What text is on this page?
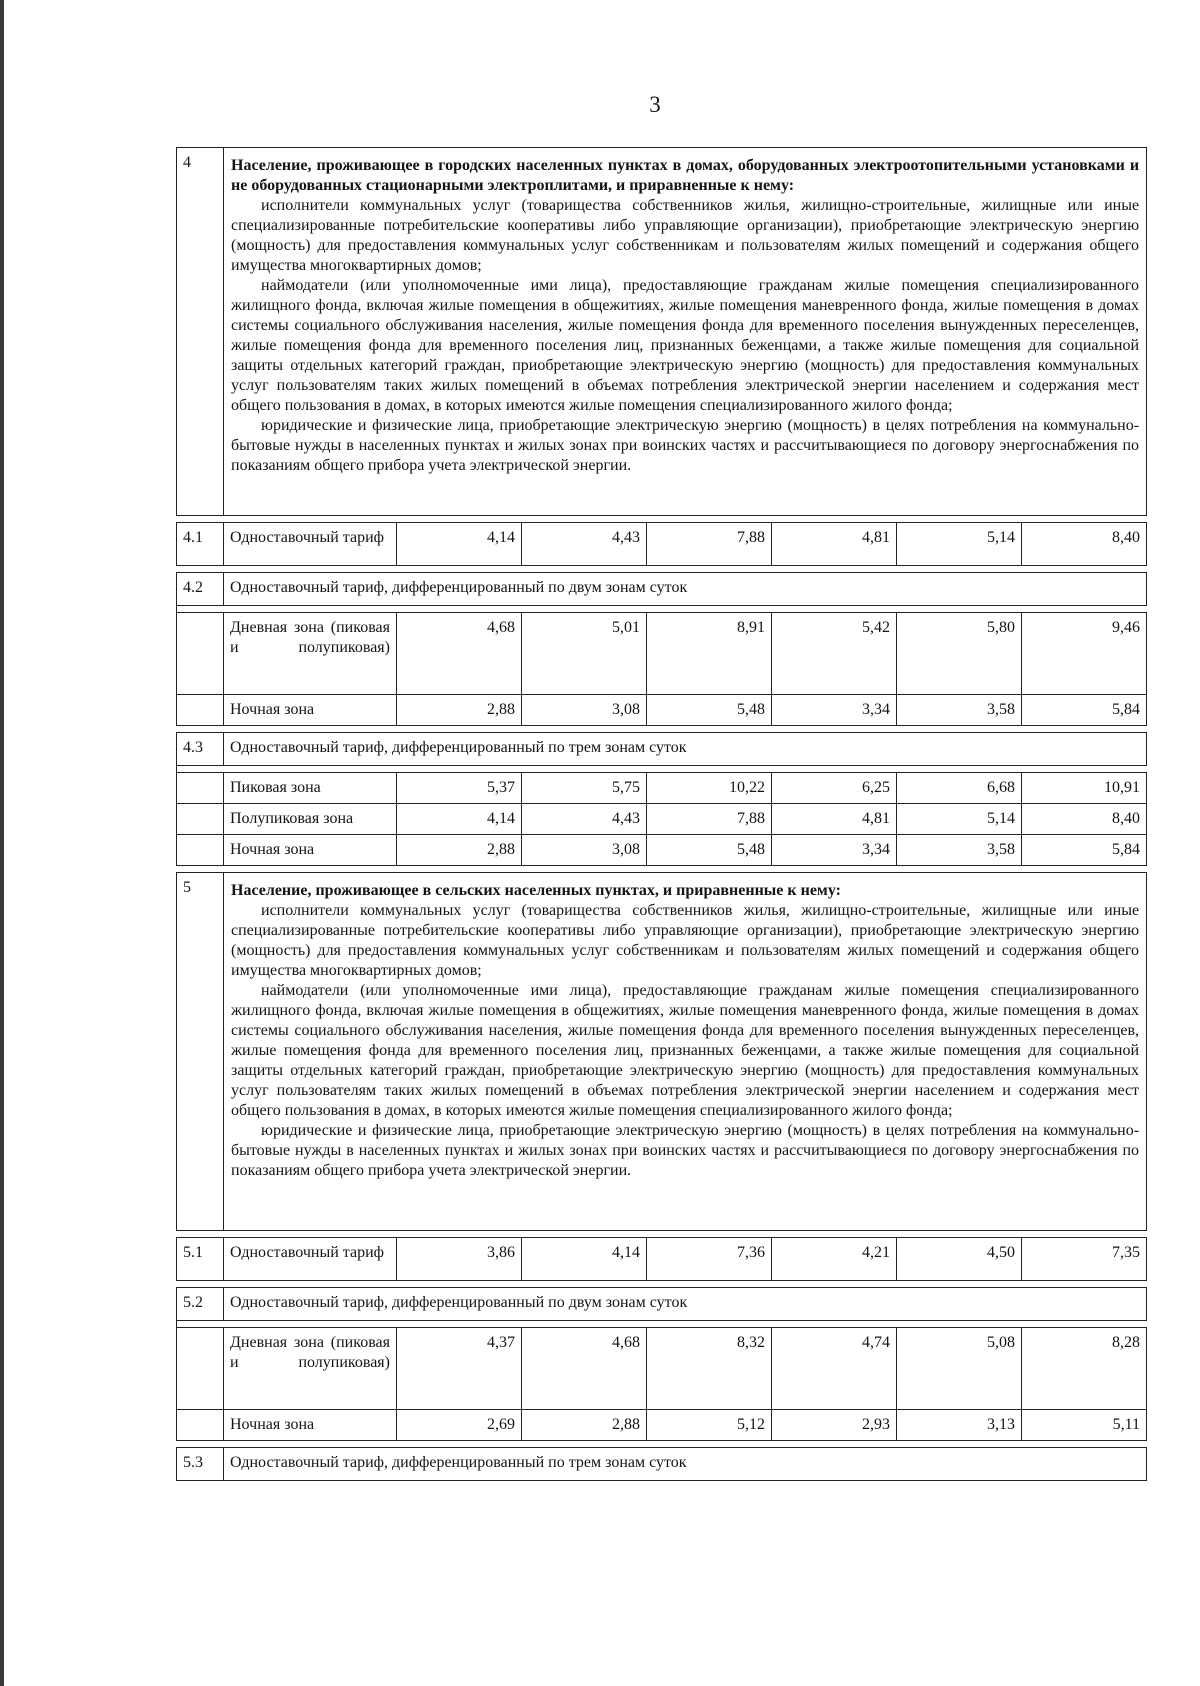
3
4	Население, проживающее в городских населенных пунктах в домах, оборудованных электроотопительными установками и не оборудованных стационарными электроплитами, и приравненные к нему:

исполнители коммунальных услуг (товарищества собственников жилья, жилищно-строительные, жилищные или иные специализированные потребительские кооперативы либо управляющие организации), приобретающие электрическую энергию (мощность) для предоставления коммунальных услуг собственникам и пользователям жилых помещений и содержания общего имущества многоквартирных домов;

наймодатели (или уполномоченные ими лица), предоставляющие гражданам жилые помещения специализированного жилищного фонда, включая жилые помещения в общежитиях, жилые помещения маневренного фонда, жилые помещения в домах системы социального обслуживания населения, жилые помещения фонда для временного поселения вынужденных переселенцев, жилые помещения фонда для временного поселения лиц, признанных беженцами, а также жилые помещения для социальной защиты отдельных категорий граждан, приобретающие электрическую энергию (мощность) для предоставления коммунальных услуг пользователям таких жилых помещений в объемах потребления электрической энергии населением и содержания мест общего пользования в домах, в которых имеются жилые помещения специализированного жилого фонда;

юридические и физические лица, приобретающие электрическую энергию (мощность) в целях потребления на коммунально-бытовые нужды в населенных пунктах и жилых зонах при воинских частях и рассчитывающиеся по договору энергоснабжения по показаниям общего прибора учета электрической энергии.						

4.1	Одноставочный тариф	4,14	4,43	7,88	4,81	5,14	8,40

4.2	Одноставочный тариф, дифференцированный по двум зонам суток						

	Дневная зона (пиковая и полупиковая)	4,68	5,01	8,91	5,42	5,80	9,46
	Ночная зона	2,88	3,08	5,48	3,34	3,58	5,84

4.3	Одноставочный тариф, дифференцированный по трем зонам суток						

	Пиковая зона	5,37	5,75	10,22	6,25	6,68	10,91
	Полупиковая зона	4,14	4,43	7,88	4,81	5,14	8,40
	Ночная зона	2,88	3,08	5,48	3,34	3,58	5,84

5	Население, проживающее в сельских населенных пунктах, и приравненные к нему:

исполнители коммунальных услуг (товарищества собственников жилья, жилищно-строительные, жилищные или иные специализированные потребительские кооперативы либо управляющие организации), приобретающие электрическую энергию (мощность) для предоставления коммунальных услуг собственникам и пользователям жилых помещений и содержания общего имущества многоквартирных домов;

наймодатели (или уполномоченные ими лица), предоставляющие гражданам жилые помещения специализированного жилищного фонда, включая жилые помещения в общежитиях, жилые помещения маневренного фонда, жилые помещения в домах системы социального обслуживания населения, жилые помещения фонда для временного поселения вынужденных переселенцев, жилые помещения фонда для временного поселения лиц, признанных беженцами, а также жилые помещения для социальной защиты отдельных категорий граждан, приобретающие электрическую энергию (мощность) для предоставления коммунальных услуг пользователям таких жилых помещений в объемах потребления электрической энергии населением и содержания мест общего пользования в домах, в которых имеются жилые помещения специализированного жилого фонда;

юридические и физические лица, приобретающие электрическую энергию (мощность) в целях потребления на коммунально-бытовые нужды в населенных пунктах и жилых зонах при воинских частях и рассчитывающиеся по договору энергоснабжения по показаниям общего прибора учета электрической энергии.						

5.1	Одноставочный тариф	3,86	4,14	7,36	4,21	4,50	7,35

5.2	Одноставочный тариф, дифференцированный по двум зонам суток						

	Дневная зона (пиковая и полупиковая)	4,37	4,68	8,32	4,74	5,08	8,28
	Ночная зона	2,69	2,88	5,12	2,93	3,13	5,11

5.3	Одноставочный тариф, дифференцированный по трем зонам суток						
